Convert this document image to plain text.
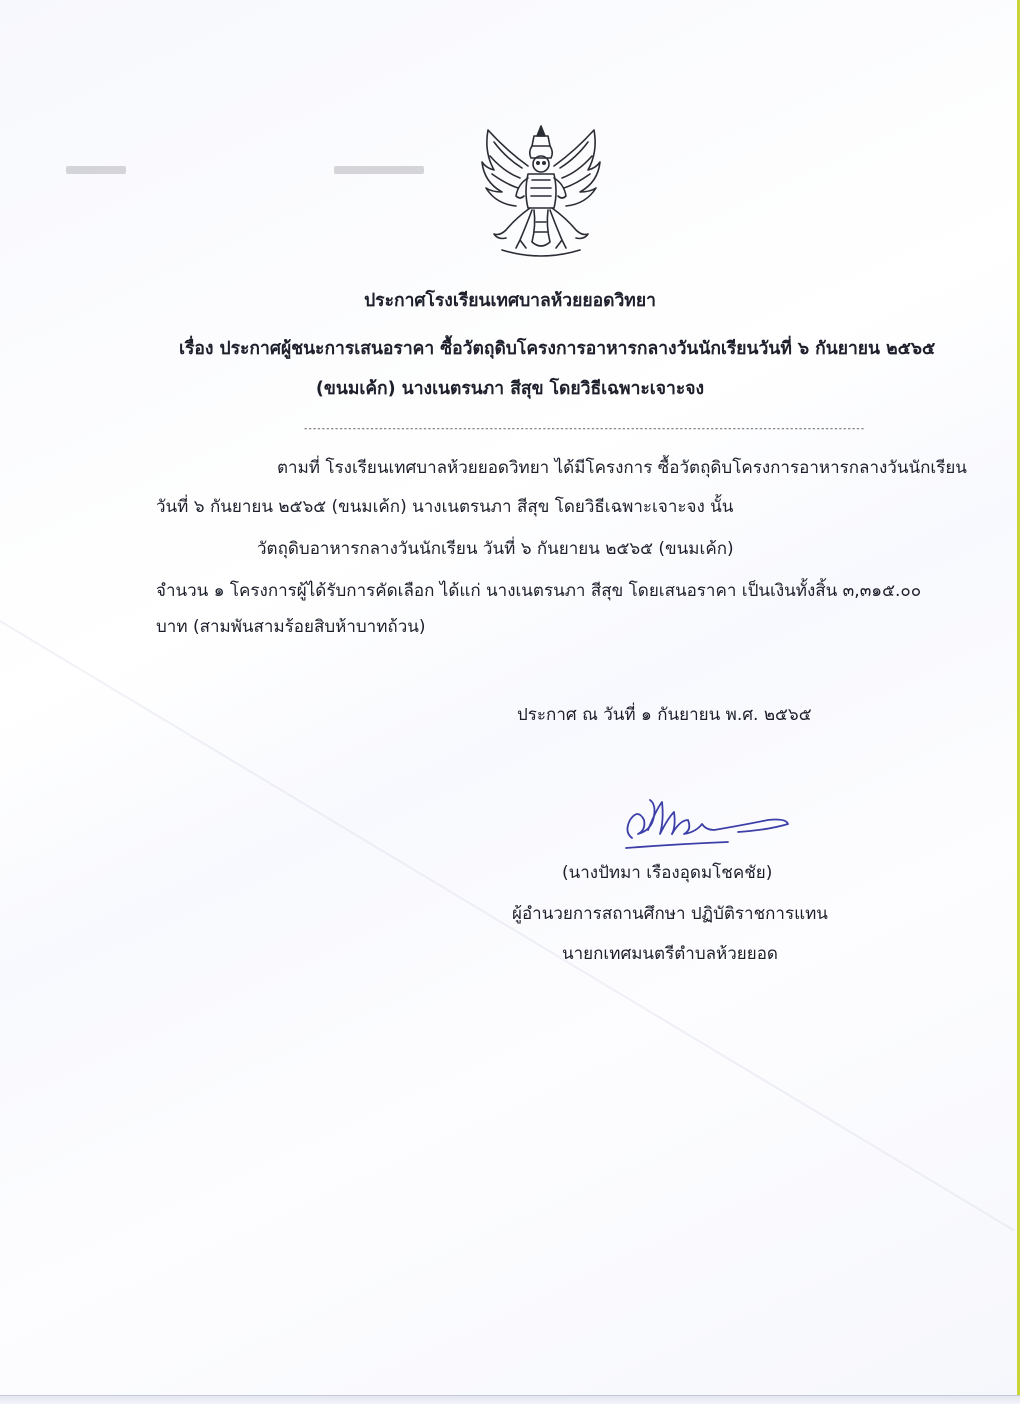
ประกาศโรงเรียนเทศบาลห้วยยอดวิทยา
เรื่อง ประกาศผู้ชนะการเสนอราคา ซื้อวัตถุดิบโครงการอาหารกลางวันนักเรียนวันที่ ๖ กันยายน ๒๕๖๕
(ขนมเค้ก) นางเนตรนภา สีสุข โดยวิธีเฉพาะเจาะจง
-------------------------------------------------------------------------------------------------------------------------------
ตามที่ โรงเรียนเทศบาลห้วยยอดวิทยา ได้มีโครงการ ซื้อวัตถุดิบโครงการอาหารกลางวันนักเรียน
วันที่ ๖ กันยายน ๒๕๖๕ (ขนมเค้ก) นางเนตรนภา สีสุข โดยวิธีเฉพาะเจาะจง นั้น
วัตถุดิบอาหารกลางวันนักเรียน วันที่ ๖ กันยายน ๒๕๖๕ (ขนมเค้ก)
จำนวน ๑ โครงการผู้ได้รับการคัดเลือก ได้แก่ นางเนตรนภา สีสุข โดยเสนอราคา เป็นเงินทั้งสิ้น ๓,๓๑๕.๐๐
บาท (สามพันสามร้อยสิบห้าบาทถ้วน)
ประกาศ ณ วันที่ ๑ กันยายน พ.ศ. ๒๕๖๕
(นางปัทมา เรืองอุดมโชคชัย)
ผู้อำนวยการสถานศึกษา ปฏิบัติราชการแทน
นายกเทศมนตรีตำบลห้วยยอด
